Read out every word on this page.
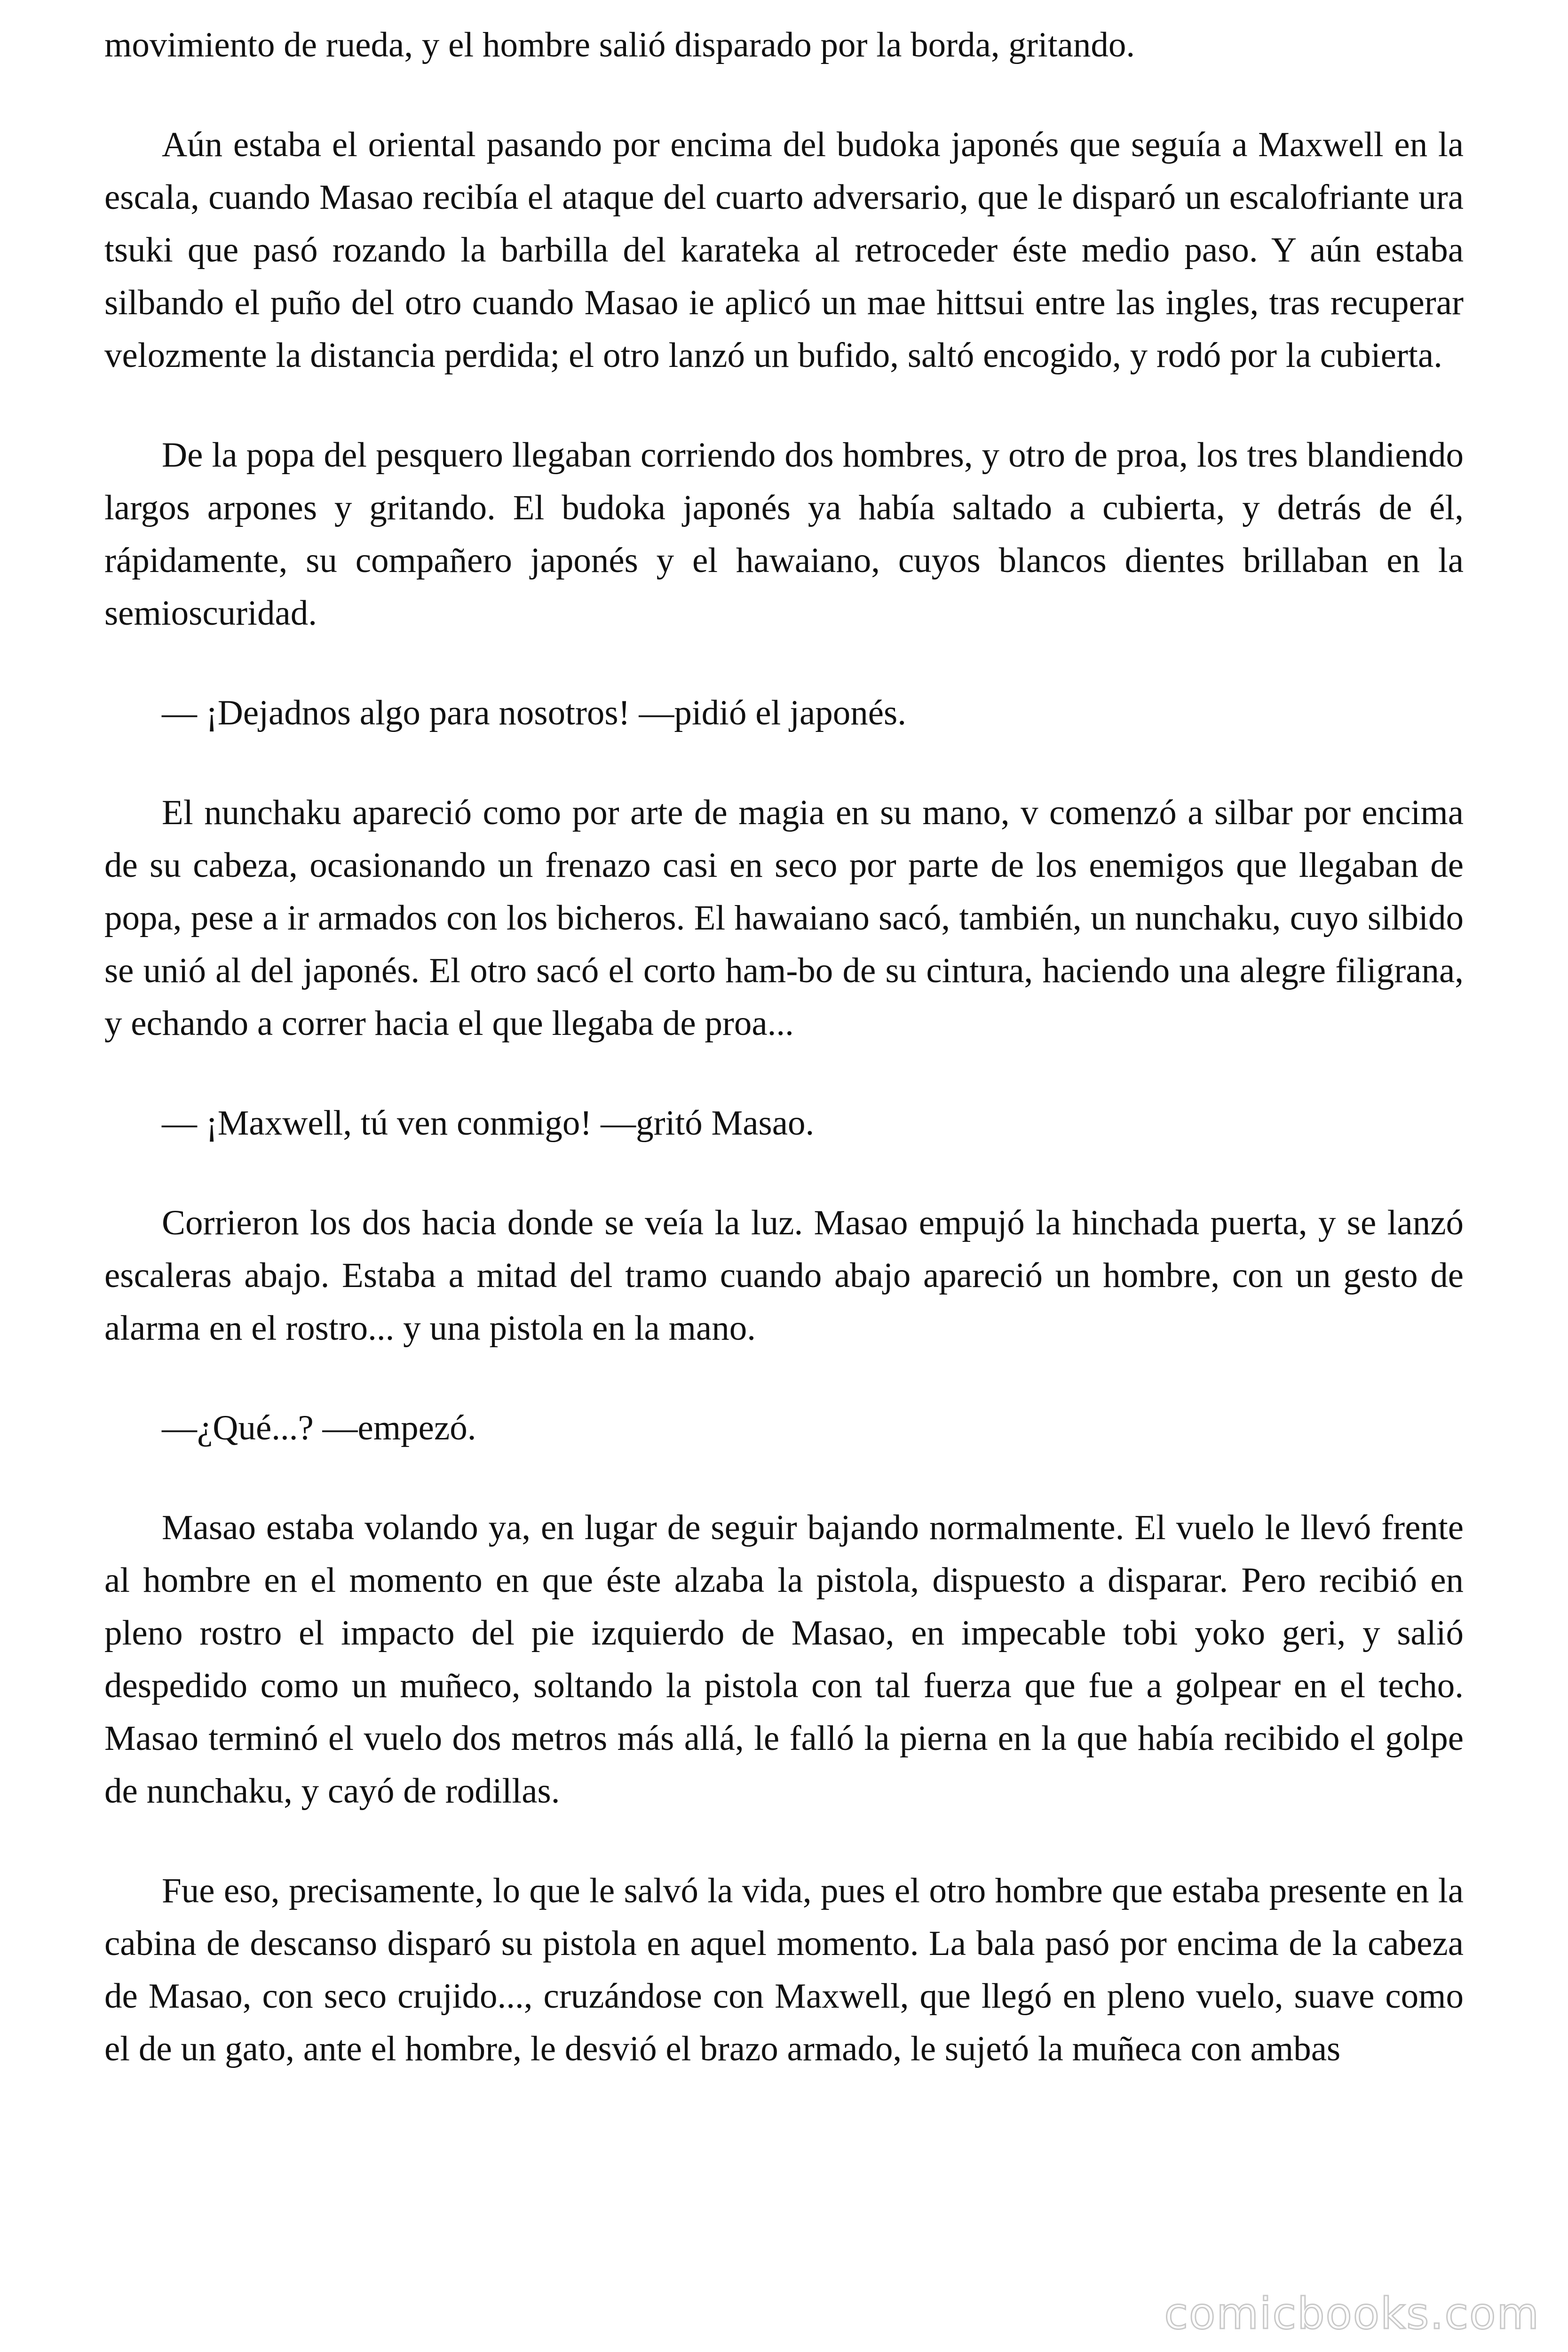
movimiento de rueda, y el hombre salió disparado por la borda, gritando.

Aún estaba el oriental pasando por encima del budoka japonés que seguía a Maxwell en la escala, cuando Masao recibía el ataque del cuarto adversario, que le disparó un escalofriante ura tsuki que pasó rozando la barbilla del karateka al retroceder éste medio paso. Y aún estaba silbando el puño del otro cuando Masao ie aplicó un mae hittsui entre las ingles, tras recuperar velozmente la distancia perdida; el otro lanzó un bufido, saltó encogido, y rodó por la cubierta.

De la popa del pesquero llegaban corriendo dos hombres, y otro de proa, los tres blandiendo largos arpones y gritando. El budoka japonés ya había saltado a cubierta, y detrás de él, rápidamente, su compañero japonés y el hawaiano, cuyos blancos dientes brillaban en la semioscuridad.

— ¡Dejadnos algo para nosotros! —pidió el japonés.

El nunchaku apareció como por arte de magia en su mano, v comenzó a silbar por encima de su cabeza, ocasionando un frenazo casi en seco por parte de los enemigos que llegaban de popa, pese a ir armados con los bicheros. El hawaiano sacó, también, un nunchaku, cuyo silbido se unió al del japonés. El otro sacó el corto ham-bo de su cintura, haciendo una alegre filigrana, y echando a correr hacia el que llegaba de proa...

— ¡Maxwell, tú ven conmigo! —gritó Masao.

Corrieron los dos hacia donde se veía la luz. Masao empujó la hinchada puerta, y se lanzó escaleras abajo. Estaba a mitad del tramo cuando abajo apareció un hombre, con un gesto de alarma en el rostro... y una pistola en la mano.

—¿Qué...? —empezó.

Masao estaba volando ya, en lugar de seguir bajando normalmente. El vuelo le llevó frente al hombre en el momento en que éste alzaba la pistola, dispuesto a disparar. Pero recibió en pleno rostro el impacto del pie izquierdo de Masao, en impecable tobi yoko geri, y salió despedido como un muñeco, soltando la pistola con tal fuerza que fue a golpear en el techo. Masao terminó el vuelo dos metros más allá, le falló la pierna en la que había recibido el golpe de nunchaku, y cayó de rodillas.

Fue eso, precisamente, lo que le salvó la vida, pues el otro hombre que estaba presente en la cabina de descanso disparó su pistola en aquel momento. La bala pasó por encima de la cabeza de Masao, con seco crujido..., cruzándose con Maxwell, que llegó en pleno vuelo, suave como el de un gato, ante el hombre, le desvió el brazo armado, le sujetó la muñeca con ambas

comicbooks.com
